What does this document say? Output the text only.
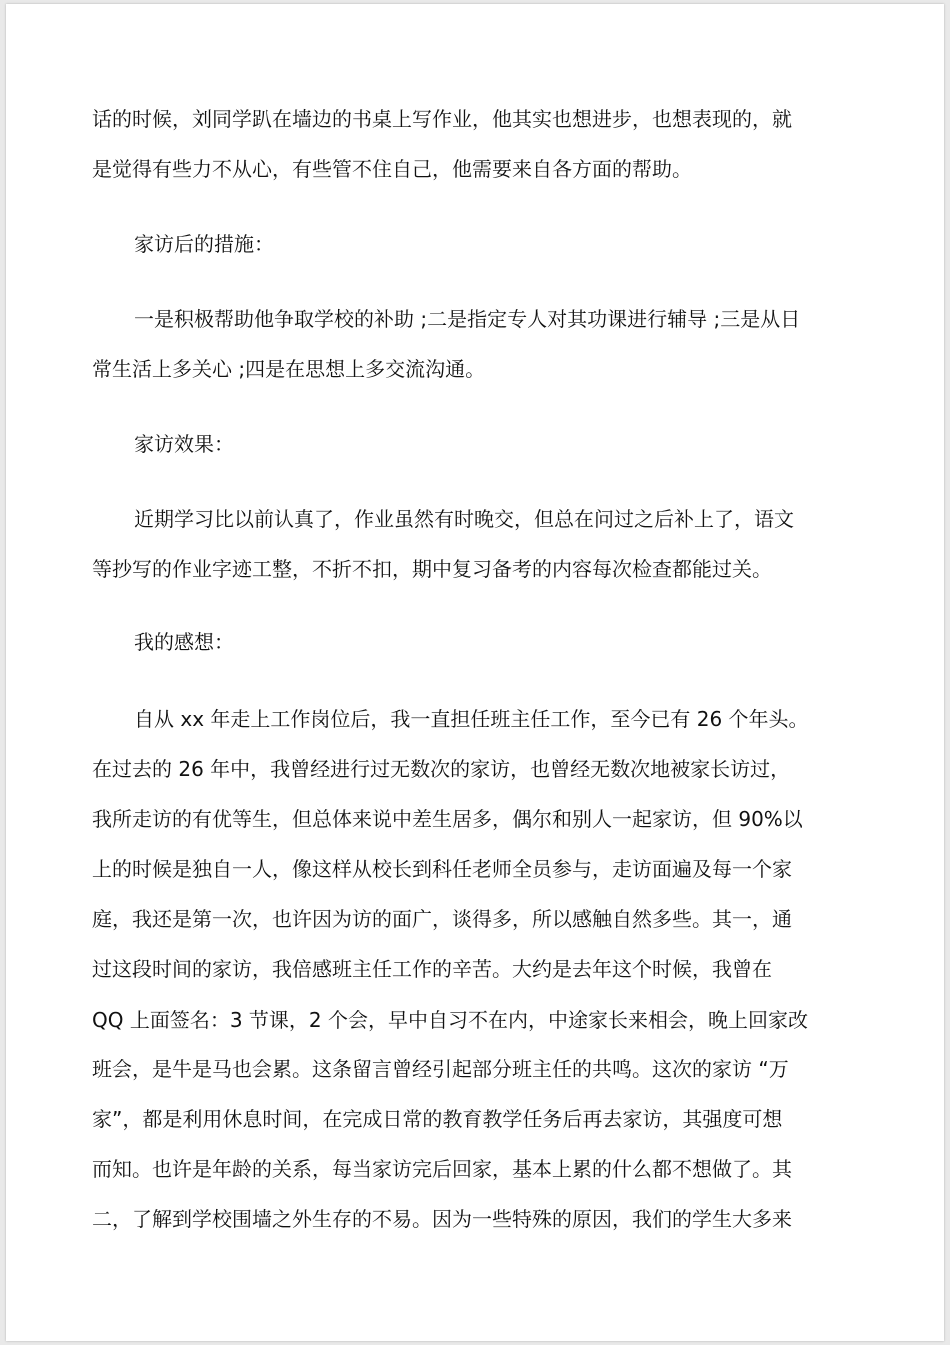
话的时候，刘同学趴在墙边的书桌上写作业，他其实也想进步，也想表现的，就
是觉得有些力不从心，有些管不住自己，他需要来自各方面的帮助。
家访后的措施：
一是积极帮助他争取学校的补助 ;二是指定专人对其功课进行辅导 ;三是从日
常生活上多关心 ;四是在思想上多交流沟通。
家访效果：
近期学习比以前认真了，作业虽然有时晚交，但总在问过之后补上了，语文
等抄写的作业字迹工整，不折不扣，期中复习备考的内容每次检查都能过关。
我的感想：
自从 xx 年走上工作岗位后，我一直担任班主任工作，至今已有 26 个年头。
在过去的 26 年中，我曾经进行过无数次的家访，也曾经无数次地被家长访过，
我所走访的有优等生，但总体来说中差生居多，偶尔和别人一起家访，但 90%以
上的时候是独自一人，像这样从校长到科任老师全员参与，走访面遍及每一个家
庭，我还是第一次，也许因为访的面广，谈得多，所以感触自然多些。其一，通
过这段时间的家访，我倍感班主任工作的辛苦。大约是去年这个时候，我曾在
QQ 上面签名：3 节课，2 个会，早中自习不在内，中途家长来相会，晚上回家改
班会，是牛是马也会累。这条留言曾经引起部分班主任的共鸣。这次的家访 “万
家”，都是利用休息时间，在完成日常的教育教学任务后再去家访，其强度可想
而知。也许是年龄的关系，每当家访完后回家，基本上累的什么都不想做了。其
二，了解到学校围墙之外生存的不易。因为一些特殊的原因，我们的学生大多来
